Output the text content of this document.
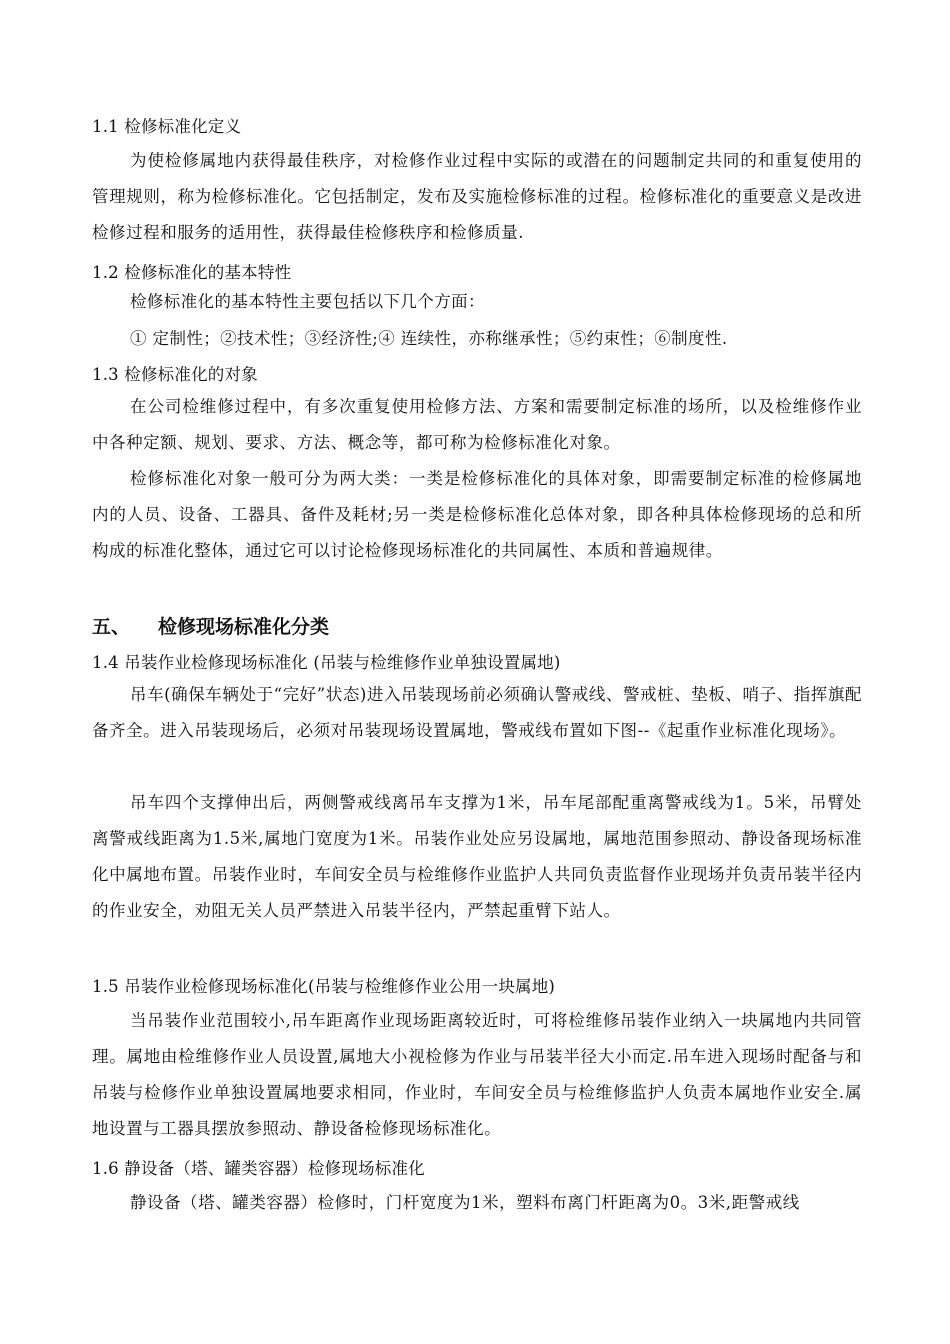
1.1 检修标准化定义

为使检修属地内获得最佳秩序，对检修作业过程中实际的或潜在的问题制定共同的和重复使用的管理规则，称为检修标准化。它包括制定，发布及实施检修标准的过程。检修标准化的重要意义是改进检修过程和服务的适用性，获得最佳检修秩序和检修质量.

1.2 检修标准化的基本特性
检修标准化的基本特性主要包括以下几个方面：
① 定制性；②技术性；③经济性;④ 连续性，亦称继承性；⑤约束性；⑥制度性.
1.3 检修标准化的对象

在公司检维修过程中，有多次重复使用检修方法、方案和需要制定标准的场所，以及检维修作业中各种定额、规划、要求、方法、概念等，都可称为检修标准化对象。

检修标准化对象一般可分为两大类：一类是检修标准化的具体对象，即需要制定标准的检修属地内的人员、设备、工器具、备件及耗材;另一类是检修标准化总体对象，即各种具体检修现场的总和所构成的标准化整体，通过它可以讨论检修现场标准化的共同属性、本质和普遍规律。

五、 检修现场标准化分类
1.4 吊装作业检修现场标准化 (吊装与检维修作业单独设置属地)

吊车(确保车辆处于“完好”状态)进入吊装现场前必须确认警戒线、警戒桩、垫板、哨子、指挥旗配备齐全。进入吊装现场后，必须对吊装现场设置属地，警戒线布置如下图--《起重作业标准化现场》。

吊车四个支撑伸出后，两侧警戒线离吊车支撑为1米，吊车尾部配重离警戒线为1。5米，吊臂处离警戒线距离为1.5米,属地门宽度为1米。吊装作业处应另设属地，属地范围参照动、静设备现场标准化中属地布置。吊装作业时，车间安全员与检维修作业监护人共同负责监督作业现场并负责吊装半径内的作业安全，劝阻无关人员严禁进入吊装半径内，严禁起重臂下站人。

1.5 吊装作业检修现场标准化(吊装与检维修作业公用一块属地)

当吊装作业范围较小,吊车距离作业现场距离较近时，可将检维修吊装作业纳入一块属地内共同管理。属地由检维修作业人员设置,属地大小视检修为作业与吊装半径大小而定.吊车进入现场时配备与和吊装与检修作业单独设置属地要求相同，作业时，车间安全员与检维修监护人负责本属地作业安全.属地设置与工器具摆放参照动、静设备检修现场标准化。

1.6 静设备（塔、罐类容器）检修现场标准化

静设备（塔、罐类容器）检修时，门杆宽度为1米，塑料布离门杆距离为0。3米,距警戒线
